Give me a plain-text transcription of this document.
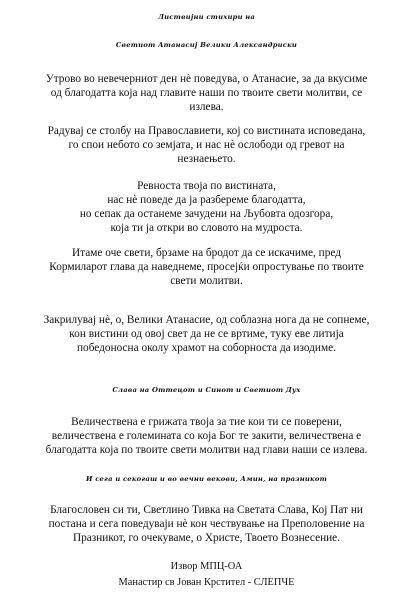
Листвијни стихири на
Светиот Атанасиј Велики Александриски
Утрово во невечерниот ден нѐ поведува, о Атанасие, за да вкусиме
од благодатта која над главите наши по твоите свети молитви, се
излева.
Радувај се столбу на Православиети, кој со вистината исповедана,
го спои небото со земјата, и нас нѐ ослободи од гревот на
незнаењето.
Ревноста твоја по вистината,
нас нѐ поведе да ја разбереме благодатта,
но сепак да останеме зачудени на Љубовта одозгора,
која ти ја откри во словото на мудроста.
Итаме оче свети, брзаме на бродот да се искачиме, пред
Кормиларот глава да наведнеме, просејќи опростување по твоите
свети молитви.
Закрилувај нѐ, о, Велики Атанасие, од соблазна нога да не сопнеме,
кон вистини од овој свет да не се вртиме, туку еве литија
победоносна околу храмот на соборноста да изодиме.
Слава на Оттецот и Синот и Светиот Дух
Величествена е грижата твоја за тие кои ти се поверени,
величествена е големината со која Бог те закити, величествена е
благодатта која по твоите свети молитви над глави наши се излева.
И сега и секогаш и во вечни векови, Амин, на празникот
Благословен си ти, Светлино Тивка на Светата Слава, Кој Пат ни
постана и сега поведуваји нѐ кон чествување на Преполовение на
Празникот, го очекуваме, о Христе, Твоето Вознесение.
Извор МПЦ-ОА
Манастир св Јован Крстител - СЛЕПЧЕ
